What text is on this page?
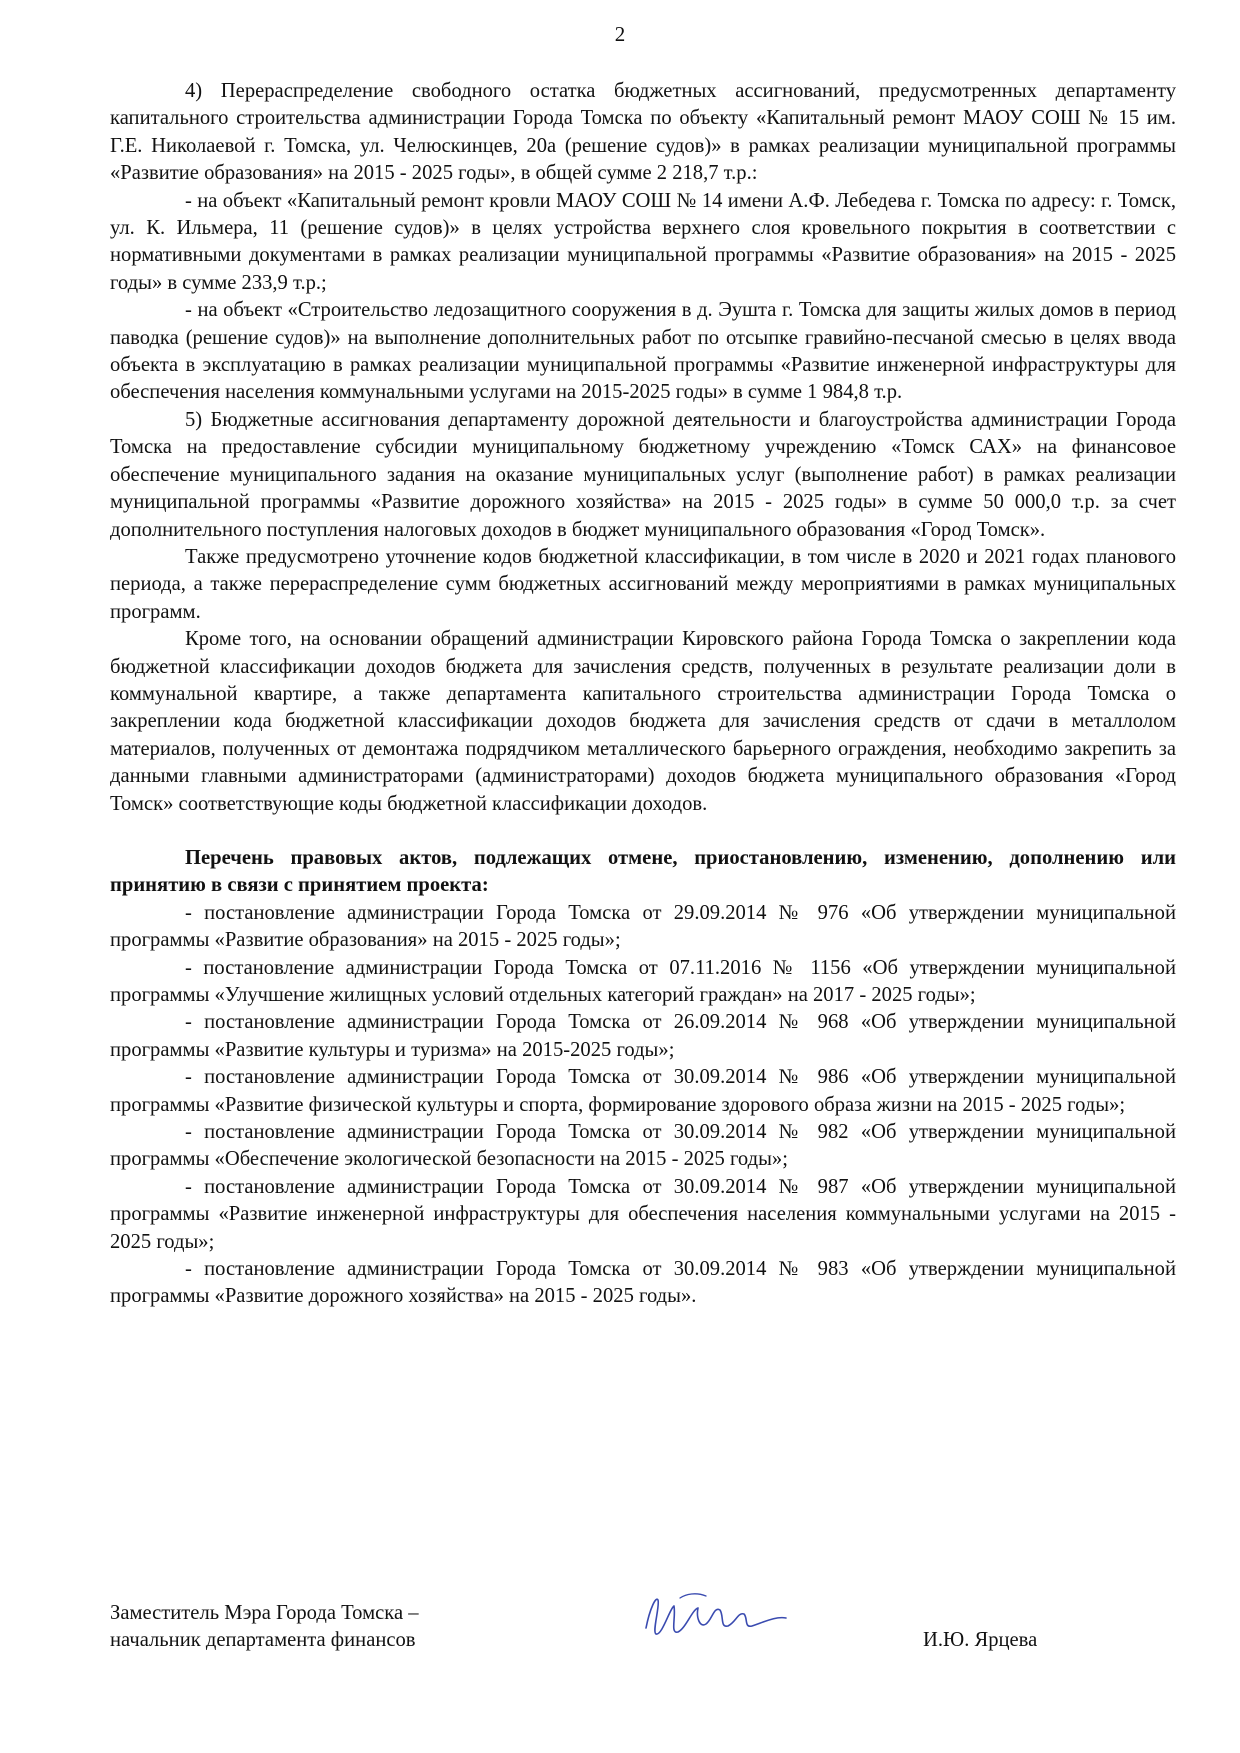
2

4) Перераспределение свободного остатка бюджетных ассигнований, предусмотренных департаменту капитального строительства администрации Города Томска по объекту «Капитальный ремонт МАОУ СОШ № 15 им. Г.Е. Николаевой г. Томска, ул. Челюскинцев, 20а (решение судов)» в рамках реализации муниципальной программы «Развитие образования» на 2015 - 2025 годы», в общей сумме 2 218,7 т.р.:

- на объект «Капитальный ремонт кровли МАОУ СОШ № 14 имени А.Ф. Лебедева г. Томска по адресу: г. Томск, ул. К. Ильмера, 11 (решение судов)» в целях устройства верхнего слоя кровельного покрытия в соответствии с нормативными документами в рамках реализации муниципальной программы «Развитие образования» на 2015 - 2025 годы» в сумме 233,9 т.р.;

- на объект «Строительство ледозащитного сооружения в д. Эушта г. Томска для защиты жилых домов в период паводка (решение судов)» на выполнение дополнительных работ по отсыпке гравийно-песчаной смесью в целях ввода объекта в эксплуатацию в рамках реализации муниципальной программы «Развитие инженерной инфраструктуры для обеспечения населения коммунальными услугами на 2015-2025 годы» в сумме 1 984,8 т.р.

5) Бюджетные ассигнования департаменту дорожной деятельности и благоустройства администрации Города Томска на предоставление субсидии муниципальному бюджетному учреждению «Томск САХ» на финансовое обеспечение муниципального задания на оказание муниципальных услуг (выполнение работ) в рамках реализации муниципальной программы «Развитие дорожного хозяйства» на 2015 - 2025 годы» в сумме 50 000,0 т.р. за счет дополнительного поступления налоговых доходов в бюджет муниципального образования «Город Томск».

Также предусмотрено уточнение кодов бюджетной классификации, в том числе в 2020 и 2021 годах планового периода, а также перераспределение сумм бюджетных ассигнований между мероприятиями в рамках муниципальных программ.

Кроме того, на основании обращений администрации Кировского района Города Томска о закреплении кода бюджетной классификации доходов бюджета для зачисления средств, полученных в результате реализации доли в коммунальной квартире, а также департамента капитального строительства администрации Города Томска о закреплении кода бюджетной классификации доходов бюджета для зачисления средств от сдачи в металлолом материалов, полученных от демонтажа подрядчиком металлического барьерного ограждения, необходимо закрепить за данными главными администраторами (администраторами) доходов бюджета муниципального образования «Город Томск» соответствующие коды бюджетной классификации доходов.

Перечень правовых актов, подлежащих отмене, приостановлению, изменению, дополнению или принятию в связи с принятием проекта:

- постановление администрации Города Томска от 29.09.2014 № 976 «Об утверждении муниципальной программы «Развитие образования» на 2015 - 2025 годы»;

- постановление администрации Города Томска от 07.11.2016 № 1156 «Об утверждении муниципальной программы «Улучшение жилищных условий отдельных категорий граждан» на 2017 - 2025 годы»;

- постановление администрации Города Томска от 26.09.2014 № 968 «Об утверждении муниципальной программы «Развитие культуры и туризма» на 2015-2025 годы»;

- постановление администрации Города Томска от 30.09.2014 № 986 «Об утверждении муниципальной программы «Развитие физической культуры и спорта, формирование здорового образа жизни на 2015 - 2025 годы»;

- постановление администрации Города Томска от 30.09.2014 № 982 «Об утверждении муниципальной программы «Обеспечение экологической безопасности на 2015 - 2025 годы»;

- постановление администрации Города Томска от 30.09.2014 № 987 «Об утверждении муниципальной программы «Развитие инженерной инфраструктуры для обеспечения населения коммунальными услугами на 2015 - 2025 годы»;

- постановление администрации Города Томска от 30.09.2014 № 983 «Об утверждении муниципальной программы «Развитие дорожного хозяйства» на 2015 - 2025 годы».

Заместитель Мэра Города Томска –
начальник департамента финансов	И.Ю. Ярцева
